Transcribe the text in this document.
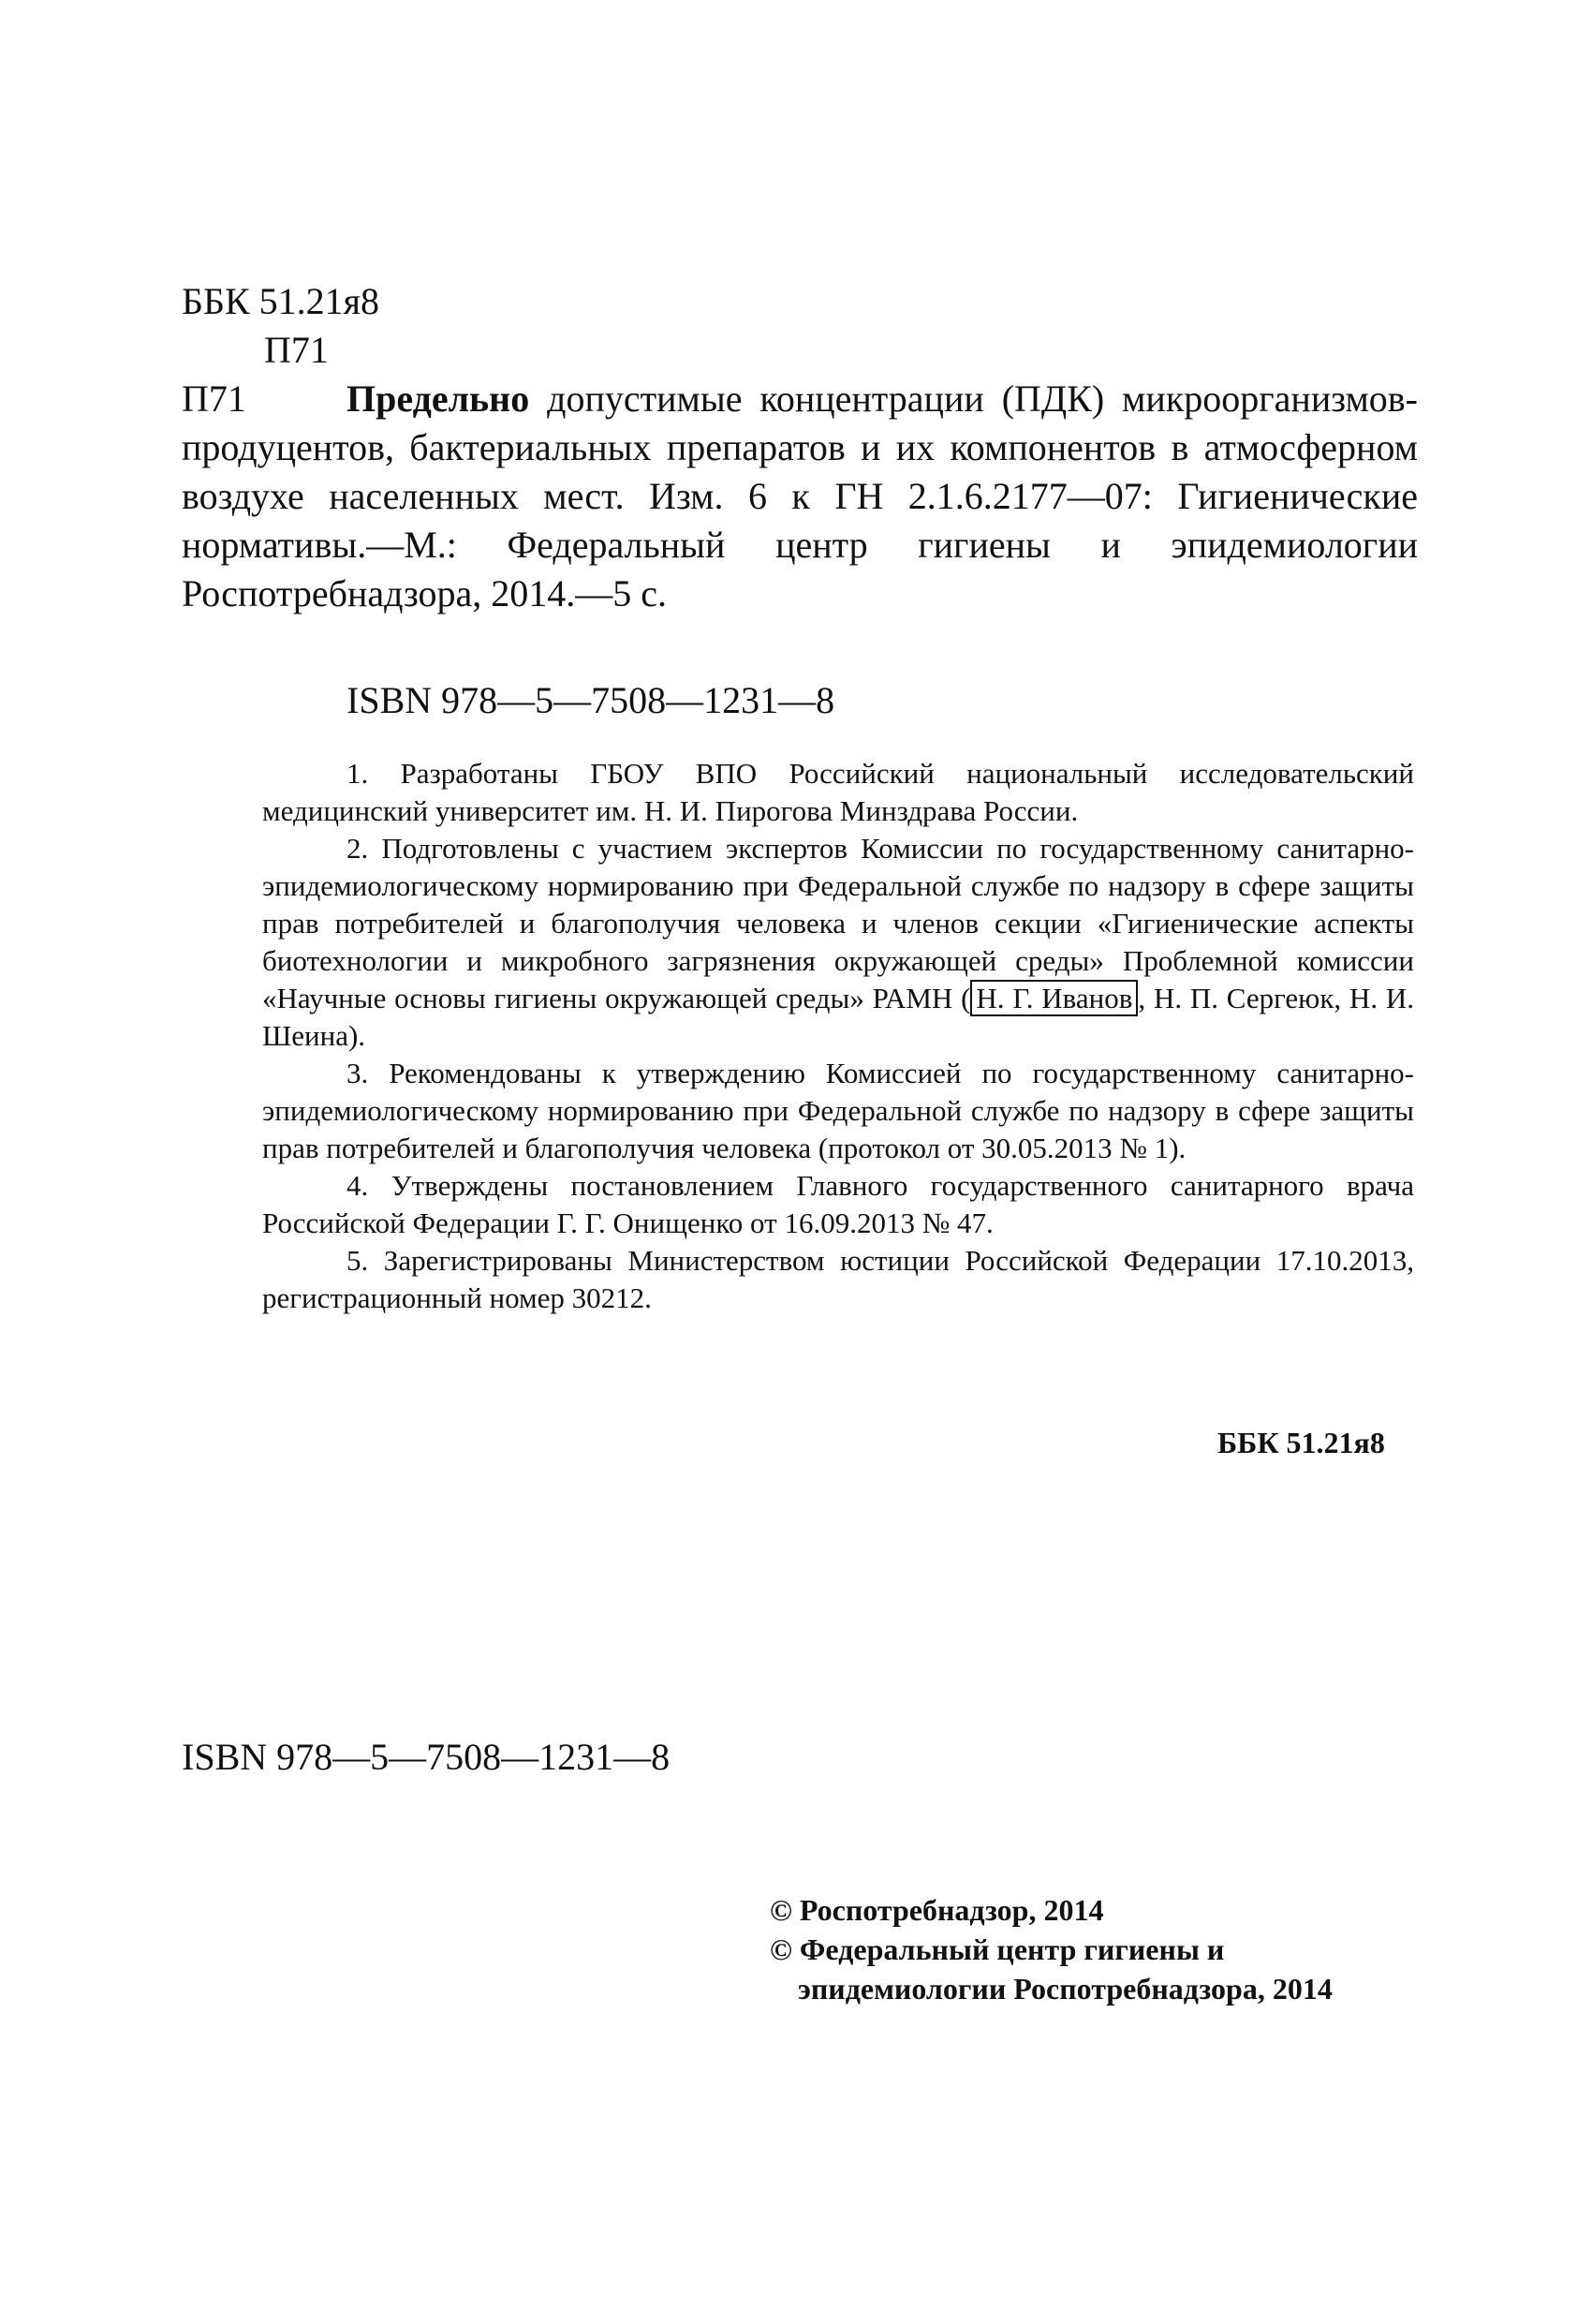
ББК 51.21я8
П71
П71	Предельно допустимые концентрации (ПДК) микроорганизмов-продуцентов, бактериальных препаратов и их компонентов в атмосферном воздухе населенных мест. Изм. 6 к ГН 2.1.6.2177—07: Гигиенические нормативы.—М.: Федеральный центр гигиены и эпидемиологии Роспотребнадзора, 2014.—5 с.

ISBN 978—5—7508—1231—8

1. Разработаны ГБОУ ВПО Российский национальный исследовательский медицинский университет им. Н. И. Пирогова Минздрава России.

2. Подготовлены с участием экспертов Комиссии по государственному санитарно-эпидемиологическому нормированию при Федеральной службе по надзору в сфере защиты прав потребителей и благополучия человека и членов секции «Гигиенические аспекты биотехнологии и микробного загрязнения окружающей среды» Проблемной комиссии «Научные основы гигиены окружающей среды» РАМН ( Н. Г. Иванов , Н. П. Сергеюк, Н. И. Шеина).

3. Рекомендованы к утверждению Комиссией по государственному санитарно-эпидемиологическому нормированию при Федеральной службе по надзору в сфере защиты прав потребителей и благополучия человека (протокол от 30.05.2013 № 1).

4. Утверждены постановлением Главного государственного санитарного врача Российской Федерации Г. Г. Онищенко от 16.09.2013 № 47.

5. Зарегистрированы Министерством юстиции Российской Федерации 17.10.2013, регистрационный номер 30212.

ББК 51.21я8
ISBN 978—5—7508—1231—8
© Роспотребнадзор, 2014
© Федеральный центр гигиены и
эпидемиологии Роспотребнадзора, 2014
